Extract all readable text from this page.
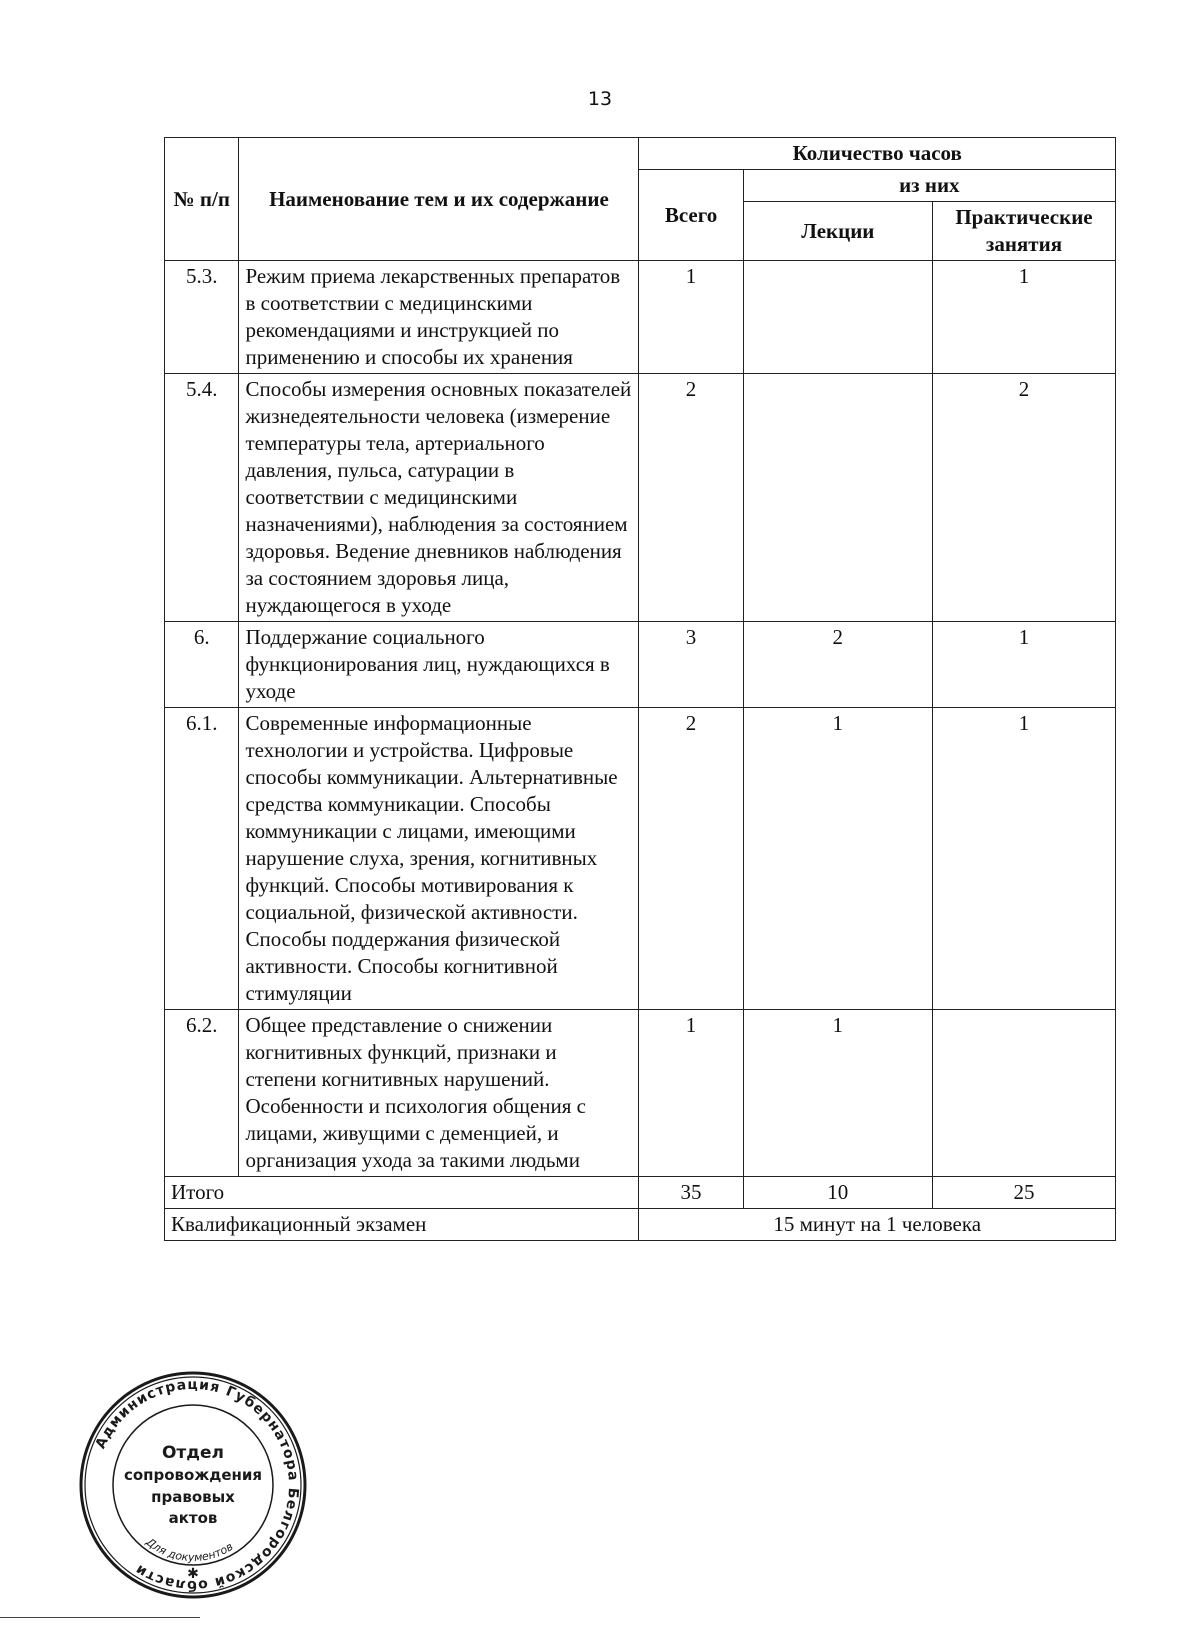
13
№ п/п	Наименование тем и их содержание	Количество часов		
		Всего	из них	
			Лекции	Практические занятия
5.3.	Режим приема лекарственных препаратов в соответствии с медицинскими рекомендациями и инструкцией по применению и способы их хранения	1		1
5.4.	Способы измерения основных показателей жизнедеятельности человека (измерение температуры тела, артериального давления, пульса, сатурации в соответствии с медицинскими назначениями), наблюдения за состоянием здоровья. Ведение дневников наблюдения за состоянием здоровья лица, нуждающегося в уходе	2		2
6.	Поддержание социального функционирования лиц, нуждающихся в уходе	3	2	1
6.1.	Современные информационные технологии и устройства. Цифровые способы коммуникации. Альтернативные средства коммуникации. Способы коммуникации с лицами, имеющими нарушение слуха, зрения, когнитивных функций. Способы мотивирования к социальной, физической активности. Способы поддержания физической активности. Способы когнитивной стимуляции	2	1	1
6.2.	Общее представление о снижении когнитивных функций, признаки и степени когнитивных нарушений. Особенности и психология общения с лицами, живущими с деменцией, и организация ухода за такими людьми	1	1	
Итого		35	10	25
Квалификационный экзамен		15 минут на 1 человека		
Администрация Губернатора Белгородской области
Отдел
сопровождения
правовых
актов
Для документов
✱
